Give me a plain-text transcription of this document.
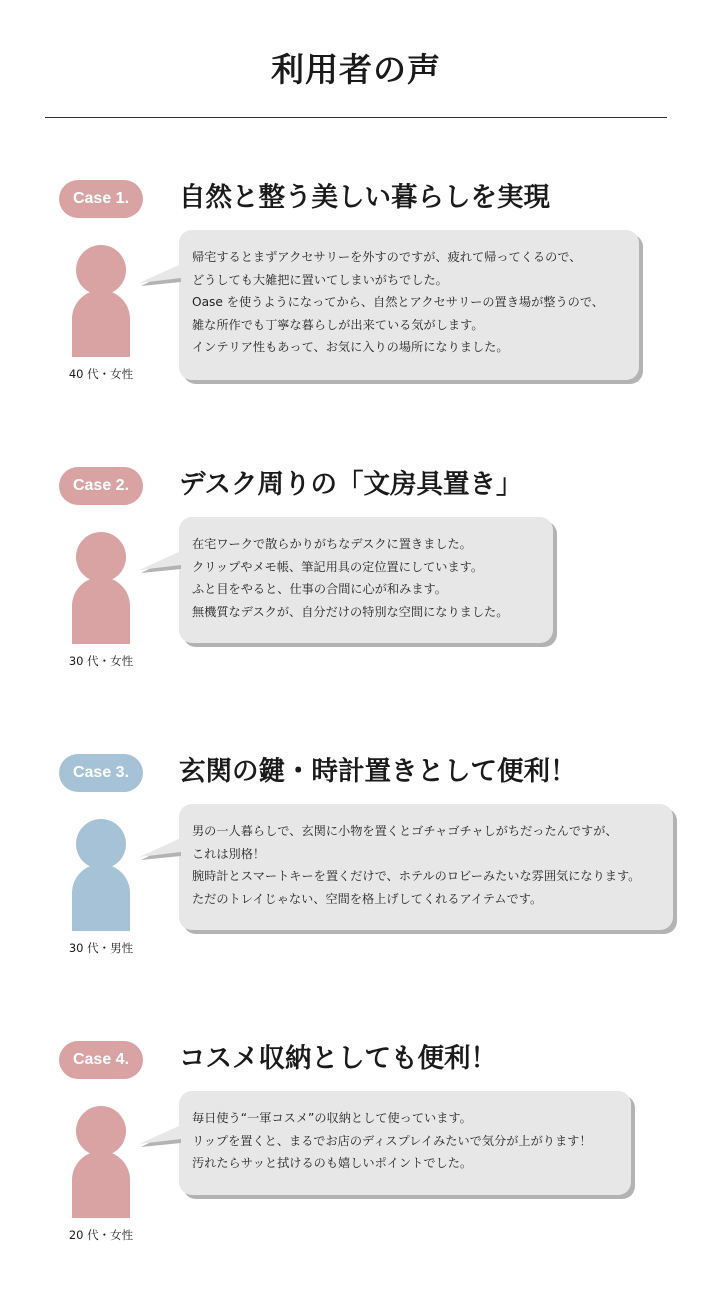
利用者の声
Case 1.	自然と整う美しい暮らしを実現
40 代・女性
帰宅するとまずアクセサリーを外すのですが、疲れて帰ってくるので、
どうしても大雑把に置いてしまいがちでした。
Oase を使うようになってから、自然とアクセサリーの置き場が整うので、
雑な所作でも丁寧な暮らしが出来ている気がします。
インテリア性もあって、お気に入りの場所になりました。
Case 2.	デスク周りの「文房具置き」
30 代・女性
在宅ワークで散らかりがちなデスクに置きました。
クリップやメモ帳、筆記用具の定位置にしています。
ふと目をやると、仕事の合間に心が和みます。
無機質なデスクが、自分だけの特別な空間になりました。
Case 3.	玄関の鍵・時計置きとして便利！
30 代・男性
男の一人暮らしで、玄関に小物を置くとゴチャゴチャしがちだったんですが、
これは別格！
腕時計とスマートキーを置くだけで、ホテルのロビーみたいな雰囲気になります。
ただのトレイじゃない、空間を格上げしてくれるアイテムです。
Case 4.	コスメ収納としても便利！
20 代・女性
毎日使う“一軍コスメ”の収納として使っています。
リップを置くと、まるでお店のディスプレイみたいで気分が上がります！
汚れたらサッと拭けるのも嬉しいポイントでした。
